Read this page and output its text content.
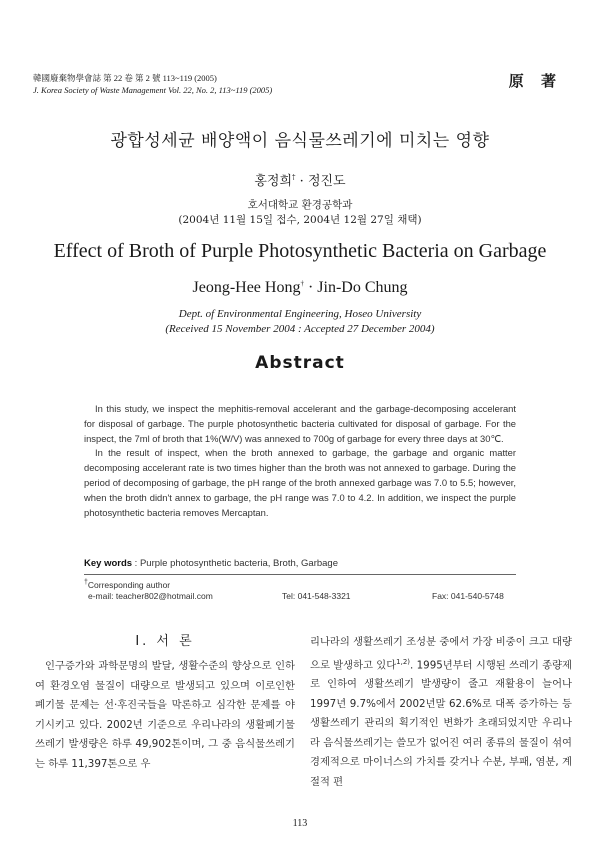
韓國廢棄物學會誌 第 22 卷 第 2 號 113~119 (2005)
J. Korea Society of Waste Management Vol. 22, No. 2, 113~119 (2005)	原 著
광합성세균 배양액이 음식물쓰레기에 미치는 영향
홍정희† · 정진도
호서대학교 환경공학과
(2004년 11월 15일 접수, 2004년 12월 27일 채택)
Effect of Broth of Purple Photosynthetic Bacteria on Garbage
Jeong-Hee Hong† · Jin-Do Chung
Dept. of Environmental Engineering, Hoseo University
(Received 15 November 2004 : Accepted 27 December 2004)
Abstract

In this study, we inspect the mephitis-removal accelerant and the garbage-decomposing accelerant for disposal of garbage. The purple photosynthetic bacteria cultivated for disposal of garbage. For the inspect, the 7ml of broth that 1%(W/V) was annexed to 700g of garbage for every three days at 30℃.

In the result of inspect, when the broth annexed to garbage, the garbage and organic matter decomposing accelerant rate is two times higher than the broth was not annexed to garbage. During the period of decomposing of garbage, the pH range of the broth annexed garbage was 7.0 to 5.5; however, when the broth didn't annex to garbage, the pH range was 7.0 to 4.2. In addition, we inspect the purple photosynthetic bacteria removes Mercaptan.

Key words : Purple photosynthetic bacteria, Broth, Garbage
†Corresponding author
e-mail: teacher802@hotmail.com	Tel: 041-548-3321	Fax: 041-540-5748
Ⅰ. 서 론

인구증가와 과학문명의 발달, 생활수준의 향상으로 인하여 환경오염 물질이 대량으로 발생되고 있으며 이로인한 폐기물 문제는 선·후진국들을 막론하고 심각한 문제를 야기시키고 있다. 2002년 기준으로 우리나라의 생활폐기물 쓰레기 발생량은 하루 49,902톤이며, 그 중 음식물쓰레기는 하루 11,397톤으로 우

리나라의 생활쓰레기 조성분 중에서 가장 비중이 크고 대량으로 발생하고 있다$^{1,2)}$. 1995년부터 시행된 쓰레기 종량제로 인하여 생활쓰레기 발생량이 줄고 재활용이 늘어나 1997년 9.7%에서 2002년말 62.6%로 대폭 증가하는 등 생활쓰레기 관리의 획기적인 변화가 초래되었지만 우리나라 음식물쓰레기는 쓸모가 없어진 여러 종류의 물질이 섞여 경제적으로 마이너스의 가치를 갖거나 수분, 부패, 염분, 계절적 편

113
